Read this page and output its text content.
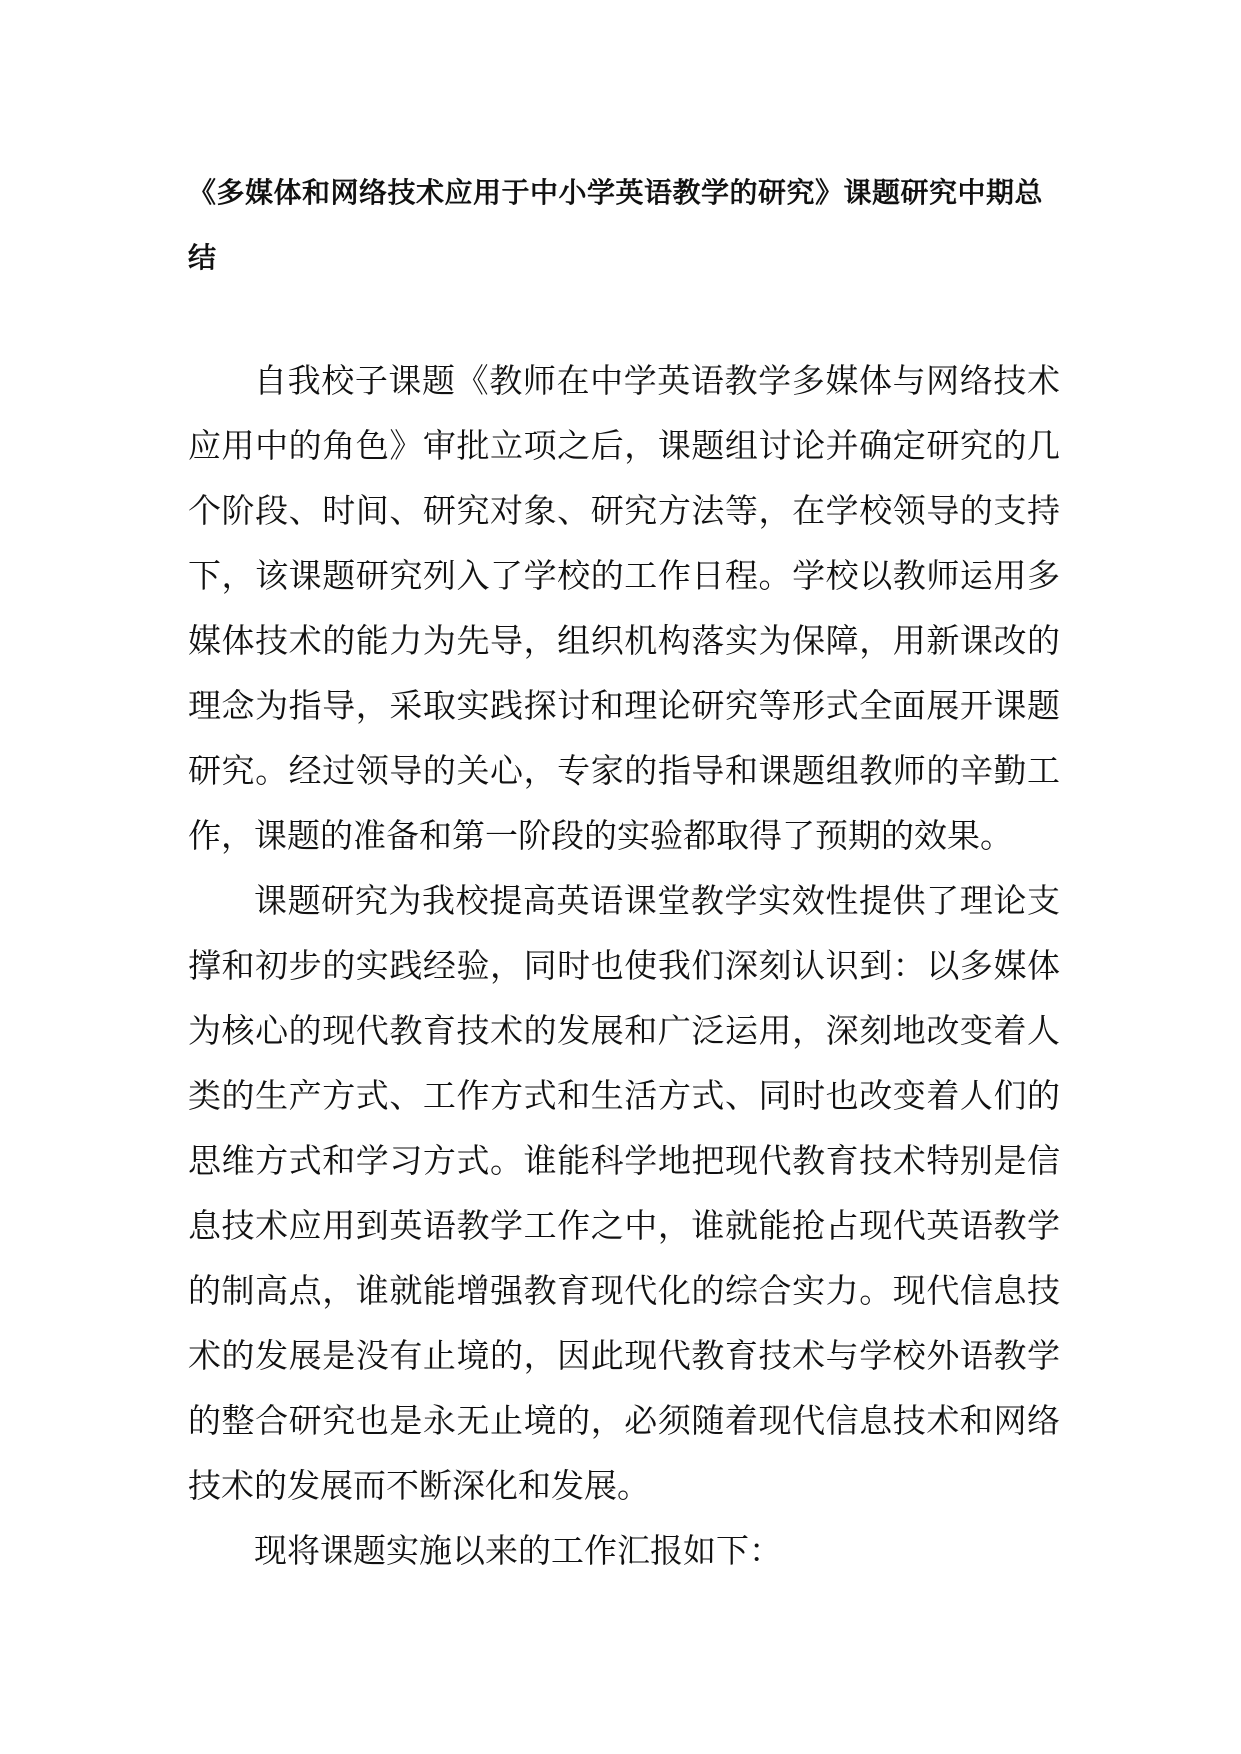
《多媒体和网络技术应用于中小学英语教学的研究》课题研究中期总结

自我校子课题《教师在中学英语教学多媒体与网络技术应用中的角色》审批立项之后，课题组讨论并确定研究的几个阶段、时间、研究对象、研究方法等，在学校领导的支持下，该课题研究列入了学校的工作日程。学校以教师运用多媒体技术的能力为先导，组织机构落实为保障，用新课改的理念为指导，采取实践探讨和理论研究等形式全面展开课题研究。经过领导的关心，专家的指导和课题组教师的辛勤工作，课题的准备和第一阶段的实验都取得了预期的效果。

课题研究为我校提高英语课堂教学实效性提供了理论支撑和初步的实践经验，同时也使我们深刻认识到：以多媒体为核心的现代教育技术的发展和广泛运用，深刻地改变着人类的生产方式、工作方式和生活方式、同时也改变着人们的思维方式和学习方式。谁能科学地把现代教育技术特别是信息技术应用到英语教学工作之中，谁就能抢占现代英语教学的制高点，谁就能增强教育现代化的综合实力。现代信息技术的发展是没有止境的，因此现代教育技术与学校外语教学的整合研究也是永无止境的，必须随着现代信息技术和网络技术的发展而不断深化和发展。

现将课题实施以来的工作汇报如下：
